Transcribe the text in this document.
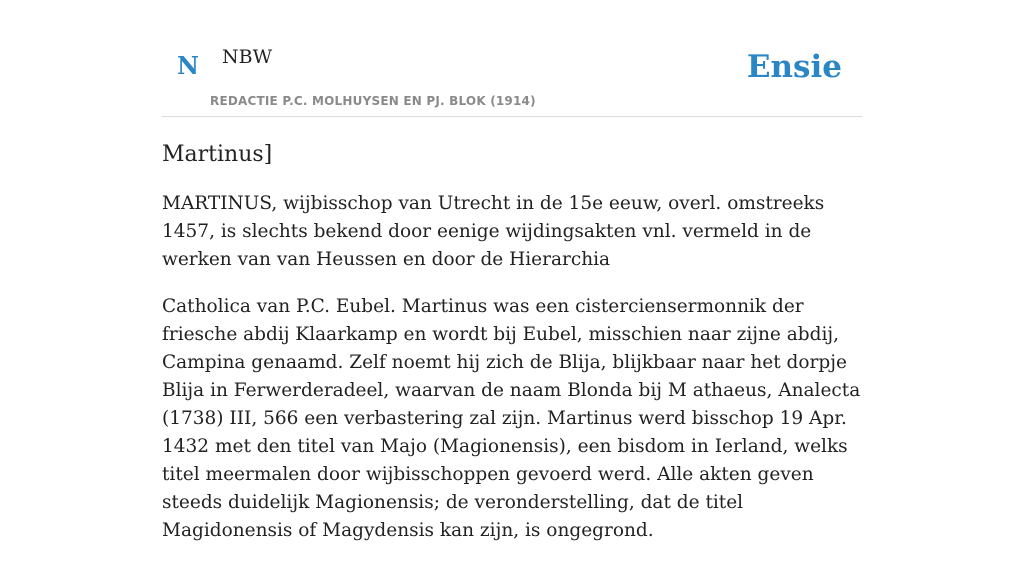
N NBW	Ensie
REDACTIE P.C. MOLHUYSEN EN PJ. BLOK (1914)
Martinus]

MARTINUS, wijbisschop van Utrecht in de 15e eeuw, overl. omstreeks 1457, is slechts bekend door eenige wijdingsakten vnl. vermeld in de werken van van Heussen en door de Hierarchia

Catholica van P.C. Eubel. Martinus was een cisterciensermonnik der friesche abdij Klaarkamp en wordt bij Eubel, misschien naar zijne abdij, Campina genaamd. Zelf noemt hij zich de Blija, blijkbaar naar het dorpje Blija in Ferwerderadeel, waarvan de naam Blonda bij M athaeus, Analecta (1738) III, 566 een verbastering zal zijn. Martinus werd bisschop 19 Apr. 1432 met den titel van Majo (Magionensis), een bisdom in Ierland, welks titel meermalen door wijbisschoppen gevoerd werd. Alle akten geven steeds duidelijk Magionensis; de veronderstelling, dat de titel Magidonensis of Magydensis kan zijn, is ongegrond.
